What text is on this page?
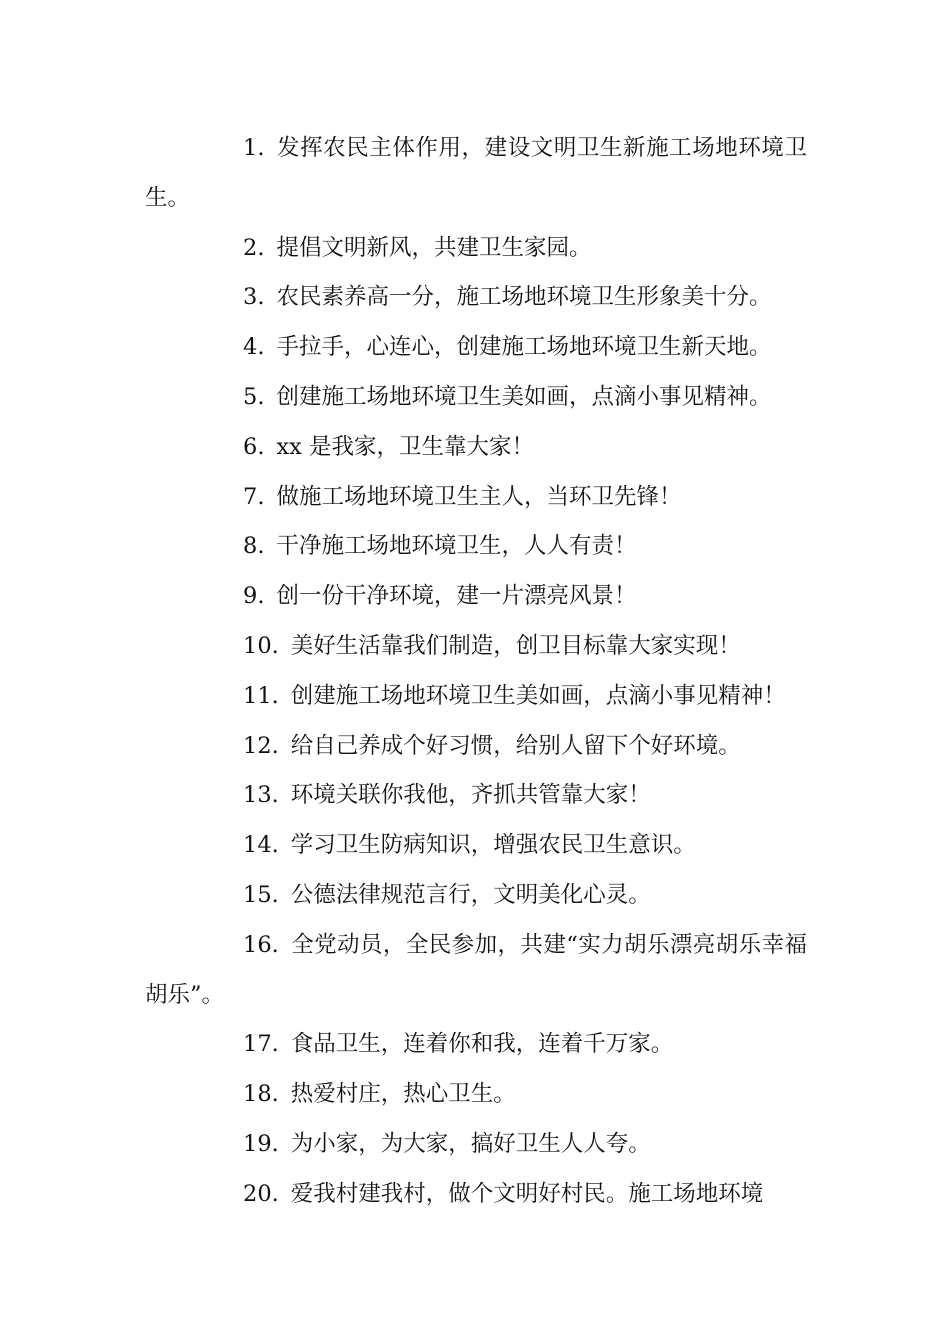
1. 发挥农民主体作用，建设文明卫生新施工场地环境卫生。

2. 提倡文明新风，共建卫生家园。

3. 农民素养高一分，施工场地环境卫生形象美十分。

4. 手拉手，心连心，创建施工场地环境卫生新天地。

5. 创建施工场地环境卫生美如画，点滴小事见精神。

6. xx 是我家，卫生靠大家！

7. 做施工场地环境卫生主人，当环卫先锋！

8. 干净施工场地环境卫生，人人有责！

9. 创一份干净环境，建一片漂亮风景！

10. 美好生活靠我们制造，创卫目标靠大家实现！

11. 创建施工场地环境卫生美如画，点滴小事见精神！

12. 给自己养成个好习惯，给别人留下个好环境。

13. 环境关联你我他，齐抓共管靠大家！

14. 学习卫生防病知识，增强农民卫生意识。

15. 公德法律规范言行，文明美化心灵。

16. 全党动员，全民参加，共建“实力胡乐漂亮胡乐幸福胡乐”。

17. 食品卫生，连着你和我，连着千万家。

18. 热爱村庄，热心卫生。

19. 为小家，为大家，搞好卫生人人夸。

20. 爱我村建我村，做个文明好村民。施工场地环境
